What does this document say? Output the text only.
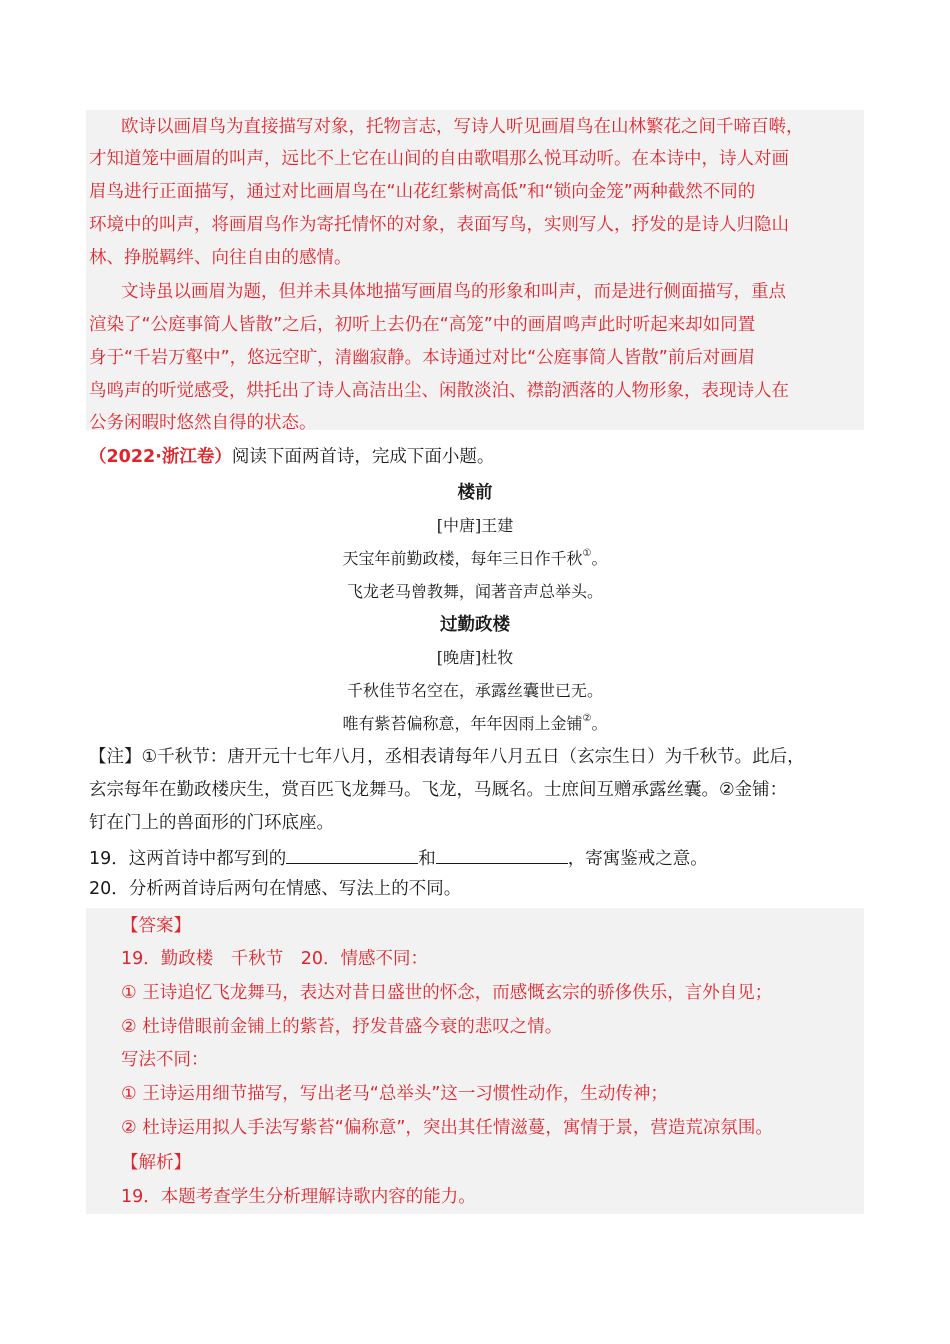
欧诗以画眉鸟为直接描写对象，托物言志，写诗人听见画眉鸟在山林繁花之间千啼百啭，
才知道笼中画眉的叫声，远比不上它在山间的自由歌唱那么悦耳动听。在本诗中，诗人对画
眉鸟进行正面描写，通过对比画眉鸟在“山花红紫树高低”和“锁向金笼”两种截然不同的
环境中的叫声，将画眉鸟作为寄托情怀的对象，表面写鸟，实则写人，抒发的是诗人归隐山
林、挣脱羁绊、向往自由的感情。
文诗虽以画眉为题，但并未具体地描写画眉鸟的形象和叫声，而是进行侧面描写，重点
渲染了“公庭事简人皆散”之后，初听上去仍在“高笼”中的画眉鸣声此时听起来却如同置
身于“千岩万壑中”，悠远空旷，清幽寂静。本诗通过对比“公庭事简人皆散”前后对画眉
鸟鸣声的听觉感受，烘托出了诗人高洁出尘、闲散淡泊、襟韵洒落的人物形象，表现诗人在
公务闲暇时悠然自得的状态。
（2022·浙江卷）阅读下面两首诗，完成下面小题。
楼前
[中唐]王建
天宝年前勤政楼，每年三日作千秋①。
飞龙老马曾教舞，闻著音声总举头。
过勤政楼
[晚唐]杜牧
千秋佳节名空在，承露丝囊世已无。
唯有紫苔偏称意，年年因雨上金铺②。
【注】①千秋节：唐开元十七年八月，丞相表请每年八月五日（玄宗生日）为千秋节。此后，
玄宗每年在勤政楼庆生，赏百匹飞龙舞马。飞龙，马厩名。士庶间互赠承露丝囊。②金铺：
钉在门上的兽面形的门环底座。
19．这两首诗中都写到的	和	，寄寓鉴戒之意。
20．分析两首诗后两句在情感、写法上的不同。
【答案】
19．勤政楼　千秋节　20．情感不同：
① 王诗追忆飞龙舞马，表达对昔日盛世的怀念，而感慨玄宗的骄侈佚乐，言外自见；
② 杜诗借眼前金铺上的紫苔，抒发昔盛今衰的悲叹之情。
写法不同：
① 王诗运用细节描写，写出老马“总举头”这一习惯性动作，生动传神；
② 杜诗运用拟人手法写紫苔“偏称意”，突出其任情滋蔓，寓情于景，营造荒凉氛围。
【解析】
19．本题考查学生分析理解诗歌内容的能力。
